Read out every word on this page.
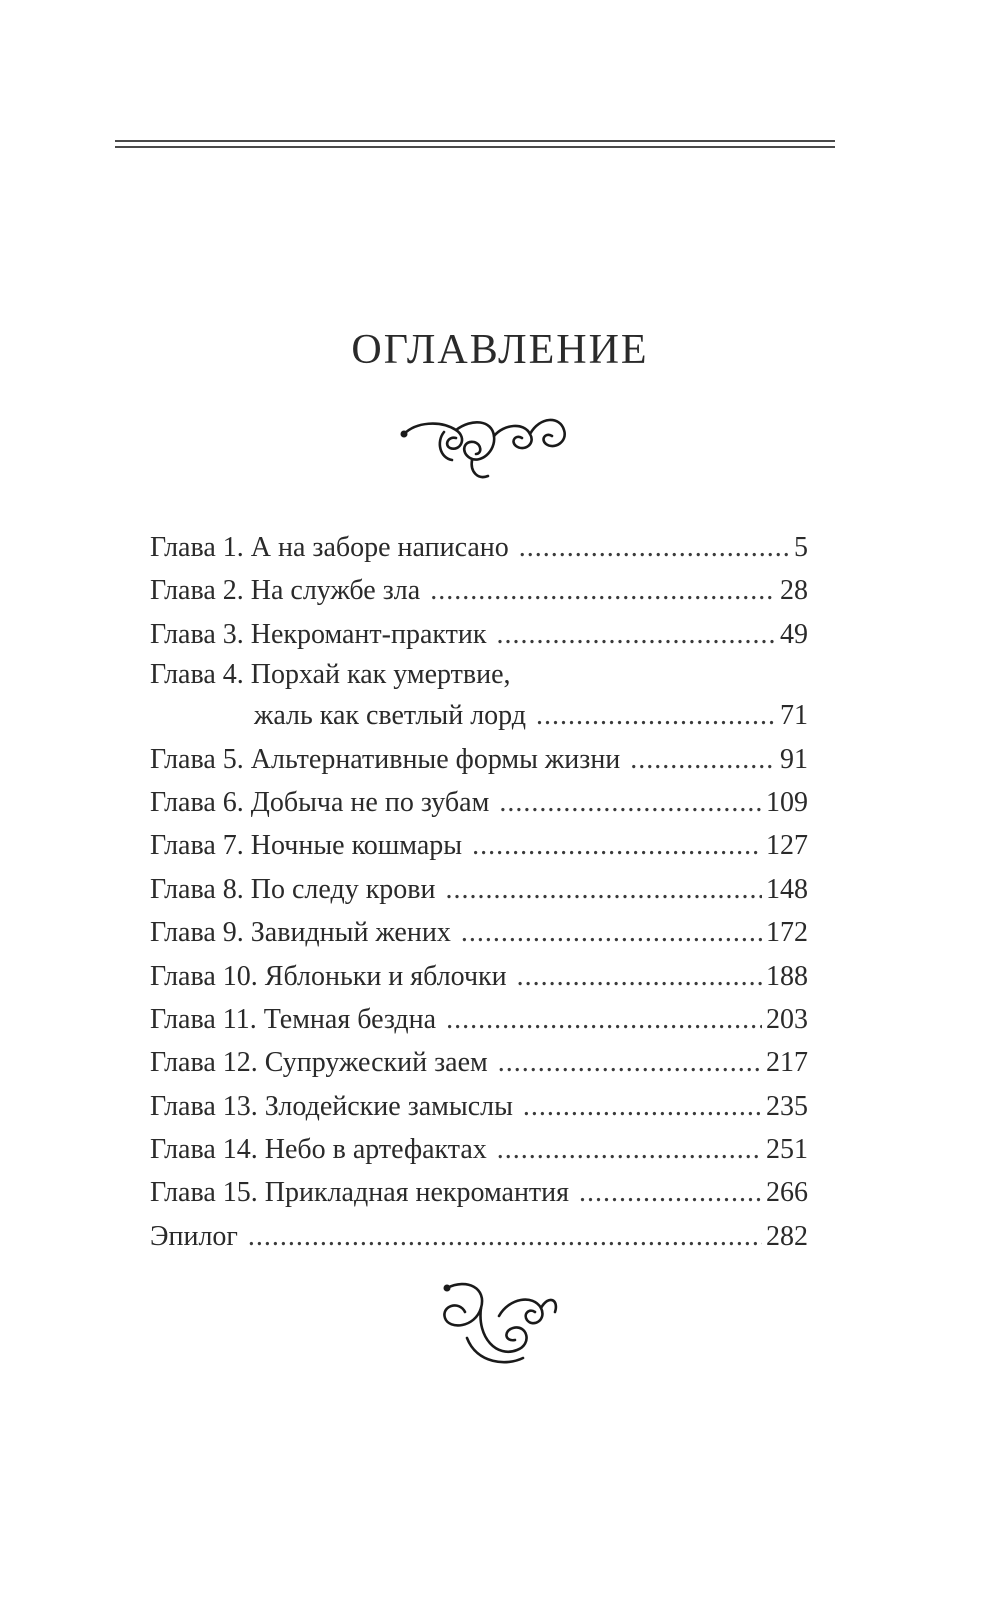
ОГЛАВЛЕНИЕ
Глава 1. А на заборе написано .....	5
Глава 2. На службе зла .....	28
Глава 3. Некромант-практик .....	49
Глава 4. Порхай как умертвие,
жаль как светлый лорд .....	71
Глава 5. Альтернативные формы жизни .....	91
Глава 6. Добыча не по зубам .....	109
Глава 7. Ночные кошмары .....	127
Глава 8. По следу крови .....	148
Глава 9. Завидный жених .....	172
Глава 10. Яблоньки и яблочки .....	188
Глава 11. Темная бездна .....	203
Глава 12. Супружеский заем .....	217
Глава 13. Злодейские замыслы .....	235
Глава 14. Небо в артефактах .....	251
Глава 15. Прикладная некромантия .....	266
Эпилог .....	282
